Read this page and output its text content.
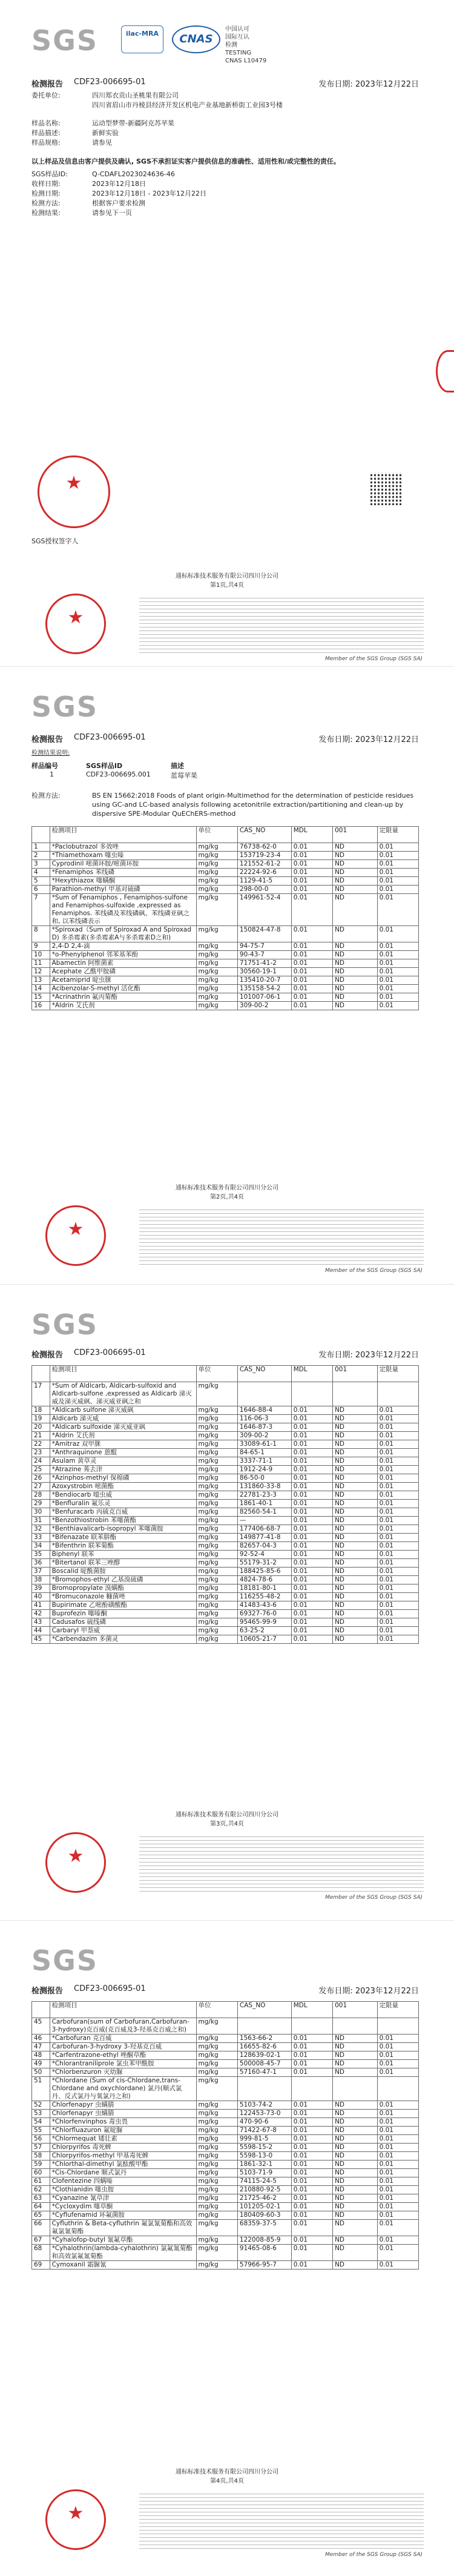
SGS	ilac-MRA	CNAS
中国认可
国际互认
检测
TESTING
CNAS L10479
检测报告 CDF23-006695-01	发布日期: 2023年12月22日
委托单位:	四川郑衣贡山圣桃果有限公司
四川省眉山市丹棱县经济开发区机电产业基地新桥街工业园3号楼
样品名称:	运动型梦带-新疆阿克苏苹果
样品描述:	新鲜实验
样品规格:	请参见
以上样品及信息由客户提供及确认, SGS不承担证实客户提供信息的准确性、适用性和/或完整性的责任。
SGS样品ID:	Q-CDAFL2023024636-46
收样日期:	2023年12月18日
检测日期:	2023年12月18日 - 2023年12月22日
检测方法:	根据客户要求检测
检测结果:	请参见下一页
★
SGS授权签字人
通标标准技术服务有限公司四川分公司
第1页,共4页
★
Member of the SGS Group (SGS SA)
SGS
检测报告 CDF23-006695-01	发布日期: 2023年12月22日
检测结果说明:
样品编号	SGS样品ID	描述
1	CDF23-006695.001	蓝莓苹果
检测方法:	BS EN 15662:2018 Foods of plant origin-Multimethod for the determination of pesticide residues using GC-and LC-based analysis following acetonitrile extraction/partitioning and clean-up by dispersive SPE-Modular QuEChERS-method
	检测项目	单位	CAS_NO	MDL	001	定限量
1	*Paclobutrazol 多效唑	mg/kg	76738-62-0	0.01	ND	0.01
2	*Thiamethoxam 噻虫嗪	mg/kg	153719-23-4	0.01	ND	0.01
3	Cyprodinil 嘧菌环胺/嘧菌环胺	mg/kg	121552-61-2	0.01	ND	0.01
4	*Fenamiphos 苯线磷	mg/kg	22224-92-6	0.01	ND	0.01
5	*Hexythiazox 噻螨酮	mg/kg	1129-41-5	0.01	ND	0.01
6	Parathion-methyl 甲基对硫磷	mg/kg	298-00-0	0.01	ND	0.01
7	*Sum of Fenamiphos , Fenamiphos-sulfone and Fenamiphos-sulfoxide ,expressed as Fenamiphos. 苯线磷及苯线磷砜、苯线磷亚砜之和, 以苯线磷表示	mg/kg	149961-52-4	0.01	ND	0.01
8	*Spiroxad（Sum of Spiroxad A and Spiroxad D) 多杀霉素(多杀霉素A与多杀霉素D之和)	mg/kg	150824-47-8	0.01	ND	0.01
9	2,4-D 2,4-滴	mg/kg	94-75-7	0.01	ND	0.01
10	*o-Phenylphenol 邻苯基苯酚	mg/kg	90-43-7	0.01	ND	0.01
11	Abamectin 阿维菌素	mg/kg	71751-41-2	0.01	ND	0.01
12	Acephate 乙酰甲胺磷	mg/kg	30560-19-1	0.01	ND	0.01
13	Acetamiprid 啶虫脒	mg/kg	135410-20-7	0.01	ND	0.01
14	Acibenzolar-S-methyl 活化酯	mg/kg	135158-54-2	0.01	ND	0.01
15	*Acrinathrin 氟丙菊酯	mg/kg	101007-06-1	0.01	ND	0.01
16	*Aldrin 艾氏剂	mg/kg	309-00-2	0.01	ND	0.01
通标标准技术服务有限公司四川分公司
第2页,共4页
★
Member of the SGS Group (SGS SA)
SGS
检测报告 CDF23-006695-01	发布日期: 2023年12月22日
	检测项目	单位	CAS_NO	MDL	001	定限量
17	*Sum of Aldicarb, Aldicarb-sulfoxid and Aldicarb-sulfone ,expressed as Aldicarb 涕灭威及涕灭威砜、涕灭威亚砜之和	mg/kg				
18	*Aldicarb sulfone 涕灭威砜	mg/kg	1646-88-4	0.01	ND	0.01
19	Aldicarb 涕灭威	mg/kg	116-06-3	0.01	ND	0.01
20	*Aldicarb sulfoxide 涕灭威亚砜	mg/kg	1646-87-3	0.01	ND	0.01
21	*Aldrin 艾氏剂	mg/kg	309-00-2	0.01	ND	0.01
22	*Amitraz 双甲脒	mg/kg	33089-61-1	0.01	ND	0.01
23	*Anthraquinone 蒽醌	mg/kg	84-65-1	0.01	ND	0.01
24	Asulam 黄草灵	mg/kg	3337-71-1	0.01	ND	0.01
25	*Atrazine 莠去津	mg/kg	1912-24-9	0.01	ND	0.01
26	*Azinphos-methyl 保棉磷	mg/kg	86-50-0	0.01	ND	0.01
27	Azoxystrobin 嘧菌酯	mg/kg	131860-33-8	0.01	ND	0.01
28	*Bendiocarb 噁虫威	mg/kg	22781-23-3	0.01	ND	0.01
29	*Benfluralin 氟乐灵	mg/kg	1861-40-1	0.01	ND	0.01
30	*Benfuracarb 丙硫克百威	mg/kg	82560-54-1	0.01	ND	0.01
31	*Benzothiostrobin 苯噻菌酯	mg/kg	—	0.01	ND	0.01
32	*Benthiavalicarb-isopropyl 苯噻菌胺	mg/kg	177406-68-7	0.01	ND	0.01
33	*Bifenazate 联苯肼酯	mg/kg	149877-41-8	0.01	ND	0.01
34	*Bifenthrin 联苯菊酯	mg/kg	82657-04-3	0.01	ND	0.01
35	Biphenyl 联苯	mg/kg	92-52-4	0.01	ND	0.01
36	*Bitertanol 联苯三唑醇	mg/kg	55179-31-2	0.01	ND	0.01
37	Boscalid 啶酰菌胺	mg/kg	188425-85-6	0.01	ND	0.01
38	*Bromophos-ethyl 乙基溴硫磷	mg/kg	4824-78-6	0.01	ND	0.01
39	Bromopropylate 溴螨酯	mg/kg	18181-80-1	0.01	ND	0.01
40	*Bromuconazole 糠菌唑	mg/kg	116255-48-2	0.01	ND	0.01
41	Bupirimate 乙嘧酚磺酸酯	mg/kg	41483-43-6	0.01	ND	0.01
42	Buprofezin 噻嗪酮	mg/kg	69327-76-0	0.01	ND	0.01
43	Cadusafos 硫线磷	mg/kg	95465-99-9	0.01	ND	0.01
44	Carbaryl 甲萘威	mg/kg	63-25-2	0.01	ND	0.01
45	*Carbendazim 多菌灵	mg/kg	10605-21-7	0.01	ND	0.01
通标标准技术服务有限公司四川分公司
第3页,共4页
★
Member of the SGS Group (SGS SA)
SGS
检测报告 CDF23-006695-01	发布日期: 2023年12月22日
	检测项目	单位	CAS_NO	MDL	001	定限量
45	Carbofuran(sum of Carbofuran,Carbofuran-3-hydroxy)克百威(克百威及3-羟基克百威之和)	mg/kg				
46	*Carbofuran 克百威	mg/kg	1563-66-2	0.01	ND	0.01
47	Carbofuran-3-hydroxy 3-羟基克百威	mg/kg	16655-82-6	0.01	ND	0.01
48	*Carfentrazone-ethyl 唑酮草酯	mg/kg	128639-02-1	0.01	ND	0.01
49	*Chlorantraniliprole 氯虫苯甲酰胺	mg/kg	500008-45-7	0.01	ND	0.01
50	*Chlorbenzuron 灭幼脲	mg/kg	57160-47-1	0.01	ND	0.01
51	*Chlordane (Sum of cis-Chlordane,trans-Chlordane and oxychlordane) 氯丹(顺式氯丹、反式氯丹与氧氯丹之和)	mg/kg				
52	Chlorfenapyr 虫螨腈	mg/kg	5103-74-2	0.01	ND	0.01
53	Chlorfenapyr 虫螨腈	mg/kg	122453-73-0	0.01	ND	0.01
54	*Chlorfenvinphos 毒虫畏	mg/kg	470-90-6	0.01	ND	0.01
55	*Chlorfluazuron 氟啶脲	mg/kg	71422-67-8	0.01	ND	0.01
56	*Chlormequat 矮壮素	mg/kg	999-81-5	0.01	ND	0.01
57	Chlorpyrifos 毒死蜱	mg/kg	5598-15-2	0.01	ND	0.01
58	Chlorpyrifos-methyl 甲基毒死蜱	mg/kg	5598-13-0	0.01	ND	0.01
59	*Chlorthal-dimethyl 氯酞酸甲酯	mg/kg	1861-32-1	0.01	ND	0.01
60	*Cis-Chlordane 顺式氯丹	mg/kg	5103-71-9	0.01	ND	0.01
61	Clofentezine 四螨嗪	mg/kg	74115-24-5	0.01	ND	0.01
62	*Clothianidin 噻虫胺	mg/kg	210880-92-5	0.01	ND	0.01
63	*Cyanazine 氰草津	mg/kg	21725-46-2	0.01	ND	0.01
64	*Cycloxydim 噻草酮	mg/kg	101205-02-1	0.01	ND	0.01
65	*Cyflufenamid 环氟菌胺	mg/kg	180409-60-3	0.01	ND	0.01
66	Cyfluthrin & Beta-cyfluthrin 氟氯氰菊酯和高效氟氯氰菊酯	mg/kg	68359-37-5	0.01	ND	0.01
67	*Cyhalofop-butyl 氰氟草酯	mg/kg	122008-85-9	0.01	ND	0.01
68	*Cyhalothrin(lambda-cyhalothrin) 氯氟氰菊酯和高效氯氟氰菊酯	mg/kg	91465-08-6	0.01	ND	0.01
69	Cymoxanil 霜脲氰	mg/kg	57966-95-7	0.01	ND	0.01
通标标准技术服务有限公司四川分公司
第4页,共4页
★
Member of the SGS Group (SGS SA)
